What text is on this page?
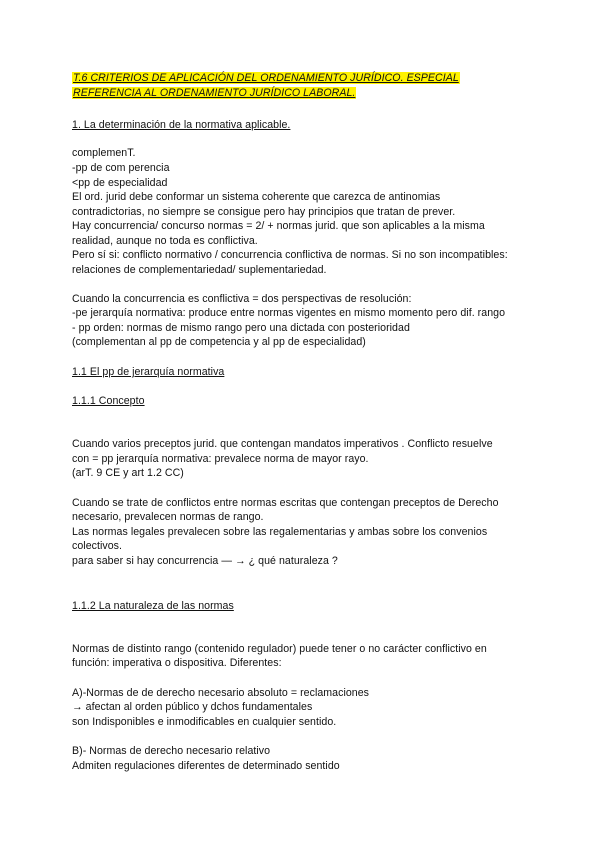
T.6 CRITERIOS DE APLICACIÓN DEL ORDENAMIENTO JURÍDICO. ESPECIAL
REFERENCIA AL ORDENAMIENTO JURÍDICO LABORAL.
1. La determinación de la normativa aplicable.
complemenT.
-pp de com perencia
<pp de especialidad
El ord. jurid debe conformar un sistema coherente que carezca de antinomias
contradictorias, no siempre se consigue pero hay principios que tratan de prever.
Hay concurrencia/ concurso normas = 2/ + normas jurid. que son aplicables a la misma
realidad, aunque no toda es conflictiva.
Pero sí si: conflicto normativo / concurrencia conflictiva de normas. Si no son incompatibles:
relaciones de complementariedad/ suplementariedad.
Cuando la concurrencia es conflictiva = dos perspectivas de resolución:
-pe jerarquía normativa: produce entre normas vigentes en mismo momento pero dif. rango
- pp orden: normas de mismo rango pero una dictada con posterioridad
(complementan al pp de competencia y al pp de especialidad)
1.1 El pp de jerarquía normativa
1.1.1 Concepto
Cuando varios preceptos jurid. que contengan mandatos imperativos . Conflicto resuelve
con = pp jerarquía normativa: prevalece norma de mayor rayo.
(arT. 9 CE y art 1.2 CC)
Cuando se trate de conflictos entre normas escritas que contengan preceptos de Derecho
necesario, prevalecen normas de rango.
Las normas legales prevalecen sobre las regalementarias y ambas sobre los convenios
colectivos.
para saber si hay concurrencia — → ¿ qué naturaleza ?
1.1.2 La naturaleza de las normas
Normas de distinto rango (contenido regulador) puede tener o no carácter conflictivo en
función: imperativa o dispositiva. Diferentes:
A)-Normas de de derecho necesario absoluto = reclamaciones
→ afectan al orden público y dchos fundamentales
son Indisponibles e inmodificables en cualquier sentido.
B)- Normas de derecho necesario relativo
Admiten regulaciones diferentes de determinado sentido
